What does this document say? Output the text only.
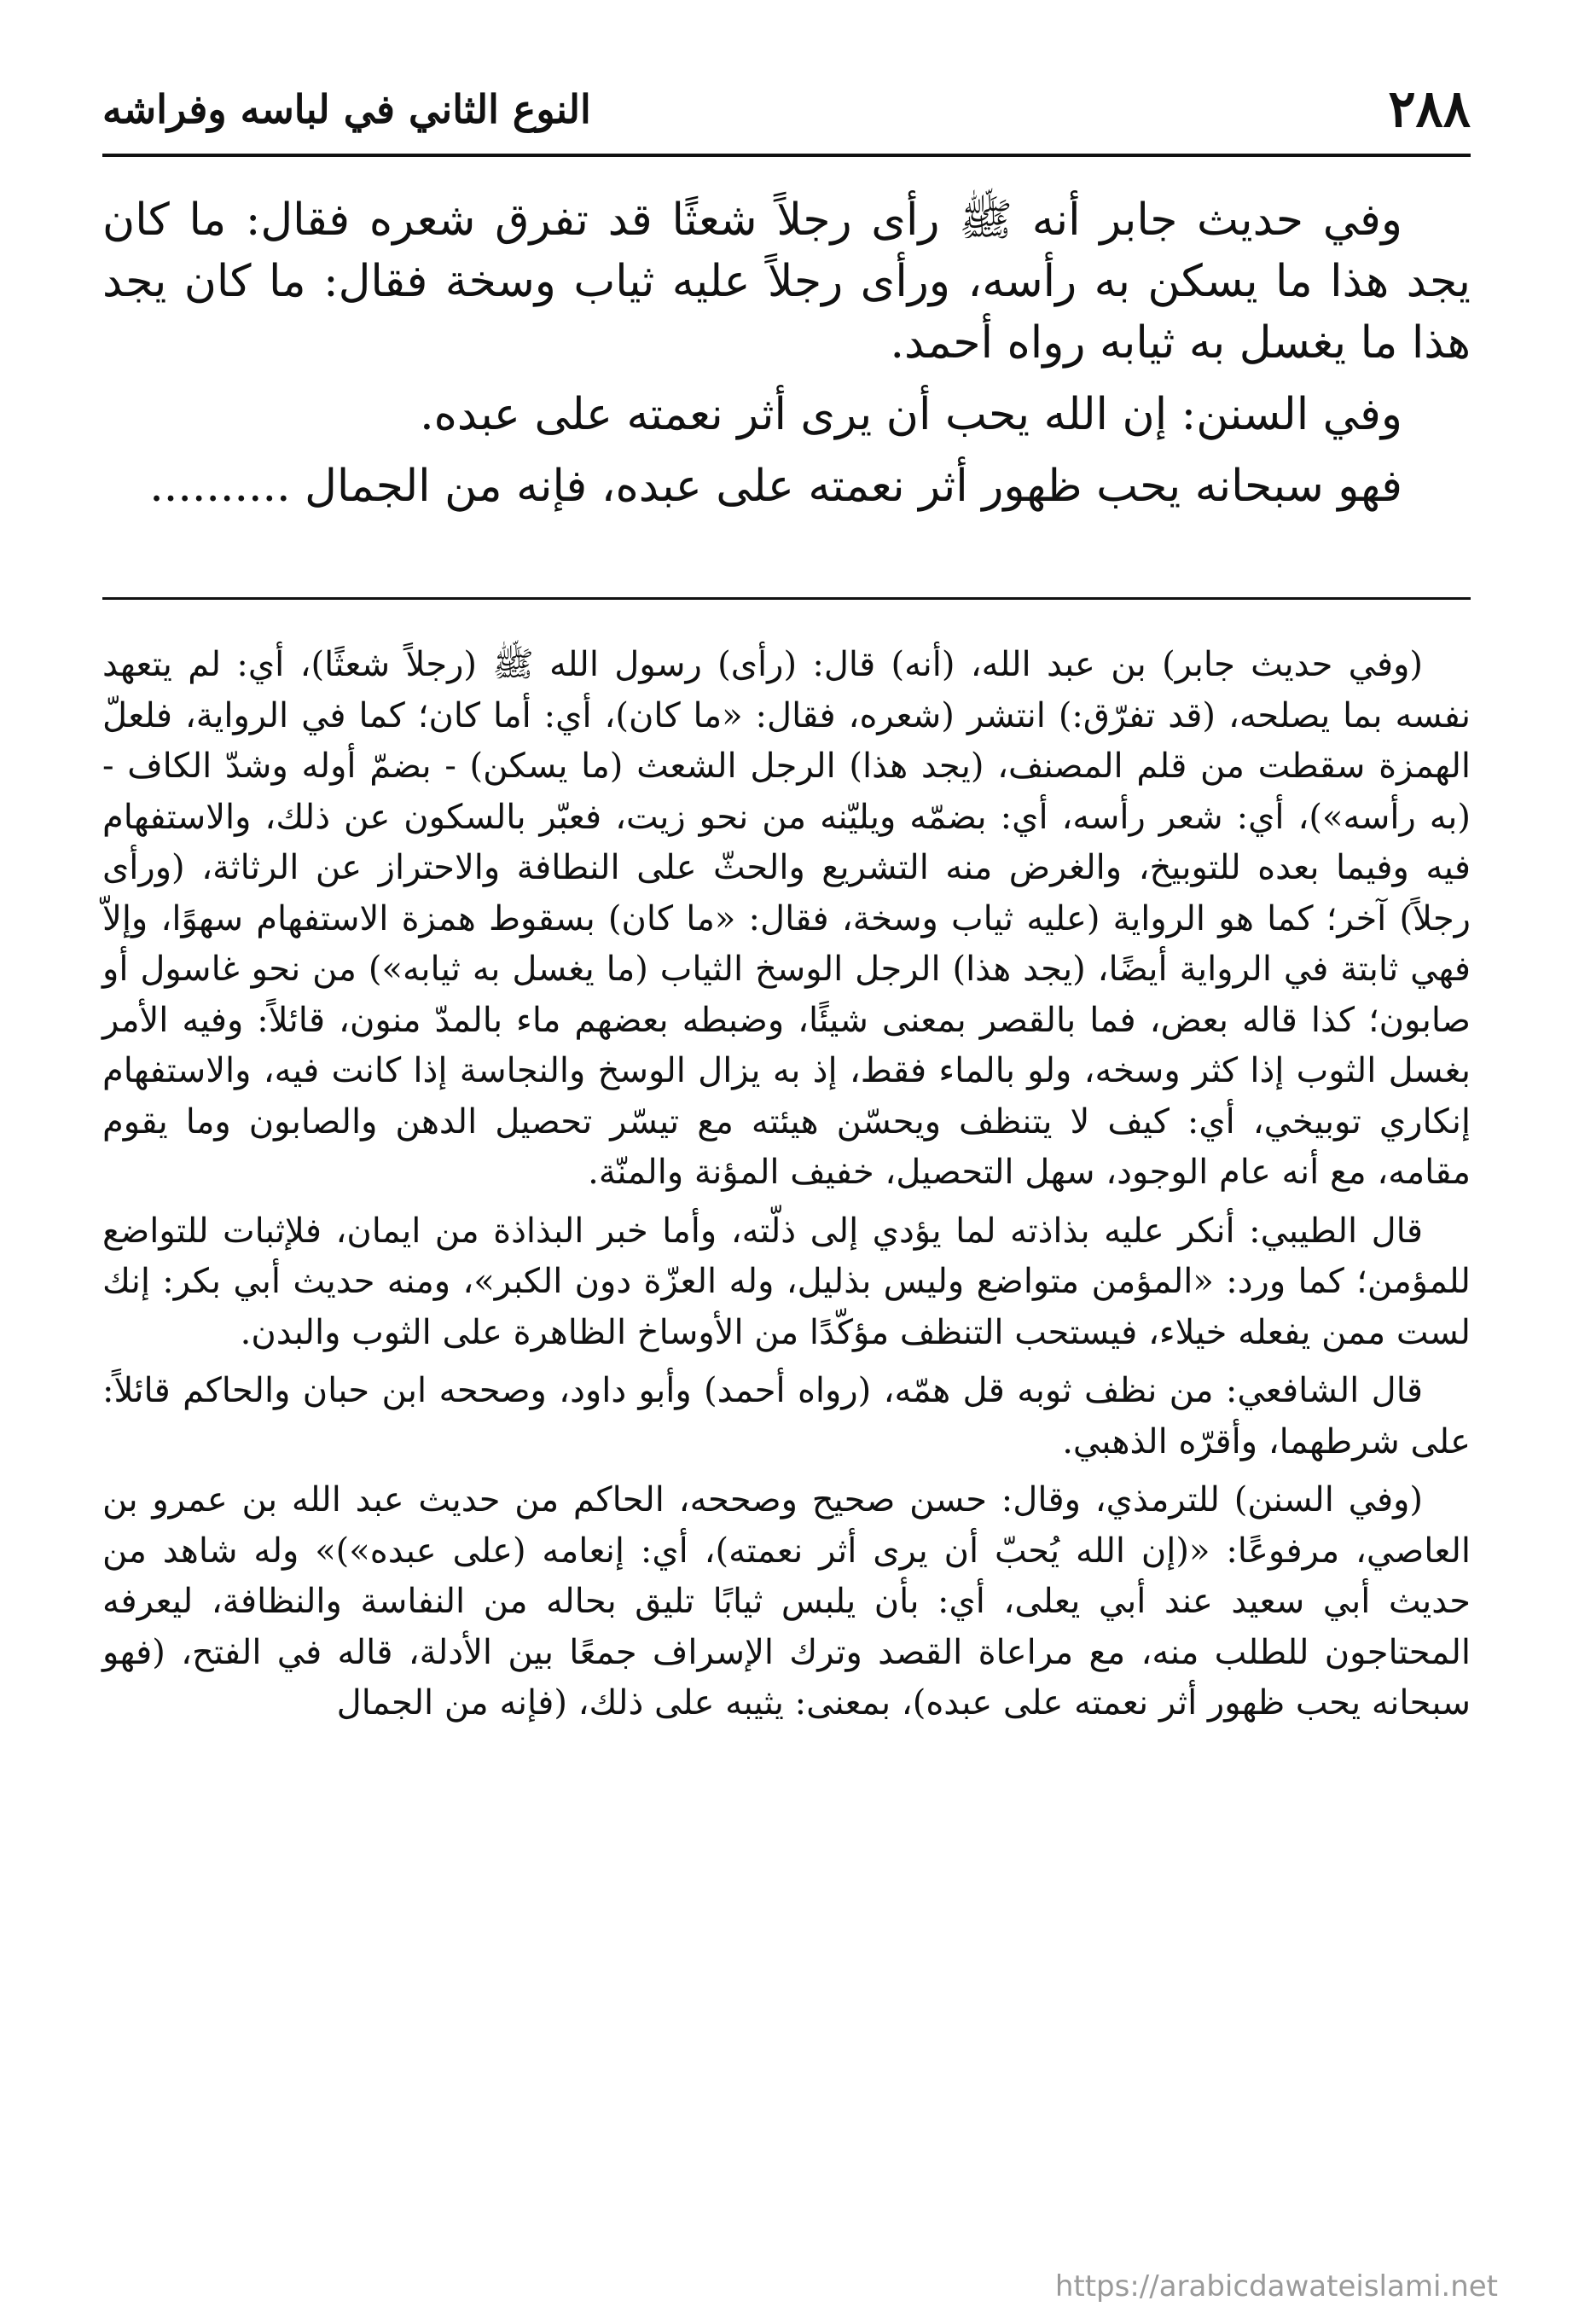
٢٨٨
النوع الثاني في لباسه وفراشه

وفي حديث جابر أنه ﷺ رأى رجلاً شعثًا قد تفرق شعره فقال: ما كان يجد هذا ما يسكن به رأسه، ورأى رجلاً عليه ثياب وسخة فقال: ما كان يجد هذا ما يغسل به ثيابه رواه أحمد.

وفي السنن: إن الله يحب أن يرى أثر نعمته على عبده.

فهو سبحانه يحب ظهور أثر نعمته على عبده، فإنه من الجمال ..........

(وفي حديث جابر) بن عبد الله، (أنه) قال: (رأى) رسول الله ﷺ (رجلاً شعثًا)، أي: لم يتعهد نفسه بما يصلحه، (قد تفرّق:) انتشر (شعره، فقال: «ما كان)، أي: أما كان؛ كما في الرواية، فلعلّ الهمزة سقطت من قلم المصنف، (يجد هذا) الرجل الشعث (ما يسكن) - بضمّ أوله وشدّ الكاف - (به رأسه»)، أي: شعر رأسه، أي: بضمّه ويليّنه من نحو زيت، فعبّر بالسكون عن ذلك، والاستفهام فيه وفيما بعده للتوبيخ، والغرض منه التشريع والحثّ على النطافة والاحتراز عن الرثاثة، (ورأى رجلاً) آخر؛ كما هو الرواية (عليه ثياب وسخة، فقال: «ما كان) بسقوط همزة الاستفهام سهوًا، وإلاّ فهي ثابتة في الرواية أيضًا، (يجد هذا) الرجل الوسخ الثياب (ما يغسل به ثيابه») من نحو غاسول أو صابون؛ كذا قاله بعض، فما بالقصر بمعنى شيئًا، وضبطه بعضهم ماء بالمدّ منون، قائلاً: وفيه الأمر بغسل الثوب إذا كثر وسخه، ولو بالماء فقط، إذ به يزال الوسخ والنجاسة إذا كانت فيه، والاستفهام إنكاري توبيخي، أي: كيف لا يتنظف ويحسّن هيئته مع تيسّر تحصيل الدهن والصابون وما يقوم مقامه، مع أنه عام الوجود، سهل التحصيل، خفيف المؤنة والمنّة.

قال الطيبي: أنكر عليه بذاذته لما يؤدي إلى ذلّته، وأما خبر البذاذة من ايمان، فلإثبات للتواضع للمؤمن؛ كما ورد: «المؤمن متواضع وليس بذليل، وله العزّة دون الكبر»، ومنه حديث أبي بكر: إنك لست ممن يفعله خيلاء، فيستحب التنظف مؤكّدًا من الأوساخ الظاهرة على الثوب والبدن.

قال الشافعي: من نظف ثوبه قل همّه، (رواه أحمد) وأبو داود، وصححه ابن حبان والحاكم قائلاً: على شرطهما، وأقرّه الذهبي.

(وفي السنن) للترمذي، وقال: حسن صحيح وصححه، الحاكم من حديث عبد الله بن عمرو بن العاصي، مرفوعًا: «(إن الله يُحبّ أن يرى أثر نعمته)، أي: إنعامه (على عبده»)» وله شاهد من حديث أبي سعيد عند أبي يعلى، أي: بأن يلبس ثيابًا تليق بحاله من النفاسة والنظافة، ليعرفه المحتاجون للطلب منه، مع مراعاة القصد وترك الإسراف جمعًا بين الأدلة، قاله في الفتح، (فهو سبحانه يحب ظهور أثر نعمته على عبده)، بمعنى: يثيبه على ذلك، (فإنه من الجمال

https://arabicdawateislami.net
